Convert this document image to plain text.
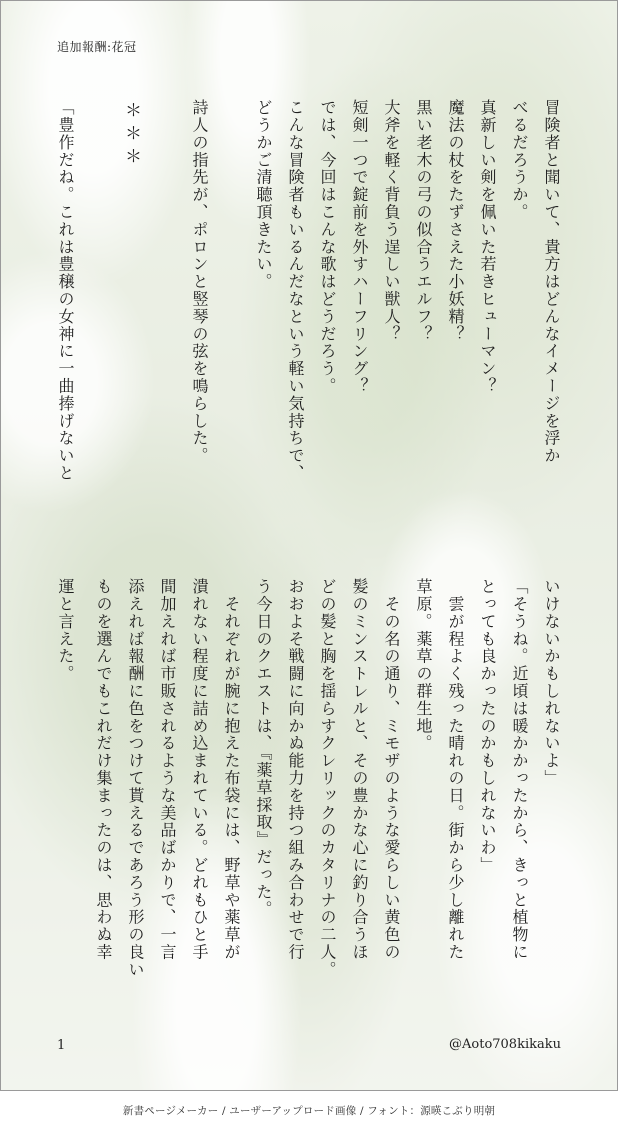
追加報酬:花冠
冒険者と聞いて、貴方はどんなイメージを浮か
べるだろうか。
真新しい剣を佩いた若きヒューマン？
魔法の杖をたずさえた小妖精？
黒い老木の弓の似合うエルフ？
大斧を軽く背負う逞しい獣人？
短剣一つで錠前を外すハーフリング？
では、今回はこんな歌はどうだろう。
こんな冒険者もいるんだなという軽い気持ちで、
どうかご清聴頂きたい。
詩人の指先が、ポロンと竪琴の弦を鳴らした。
＊＊＊
「豊作だね。これは豊穣の女神に一曲捧げないと
いけないかもしれないよ」
「そうね。近頃は暖かかったから、きっと植物に
とっても良かったのかもしれないわ」
　雲が程よく残った晴れの日。街から少し離れた
草原。薬草の群生地。
　その名の通り、ミモザのような愛らしい黄色の
髪のミンストレルと、その豊かな心に釣り合うほ
どの髪と胸を揺らすクレリックのカタリナの二人。
おおよそ戦闘に向かぬ能力を持つ組み合わせで行
う今日のクエストは、『薬草採取』だった。
　それぞれが腕に抱えた布袋には、野草や薬草が
潰れない程度に詰め込まれている。どれもひと手
間加えれば市販されるような美品ばかりで、一言
添えれば報酬に色をつけて貰えるであろう形の良い
ものを選んでもこれだけ集まったのは、思わぬ幸
運と言えた。
1	@Aoto708kikaku
新書ページメーカー / ユーザーアップロード画像 / フォント：源暎こぶり明朝
